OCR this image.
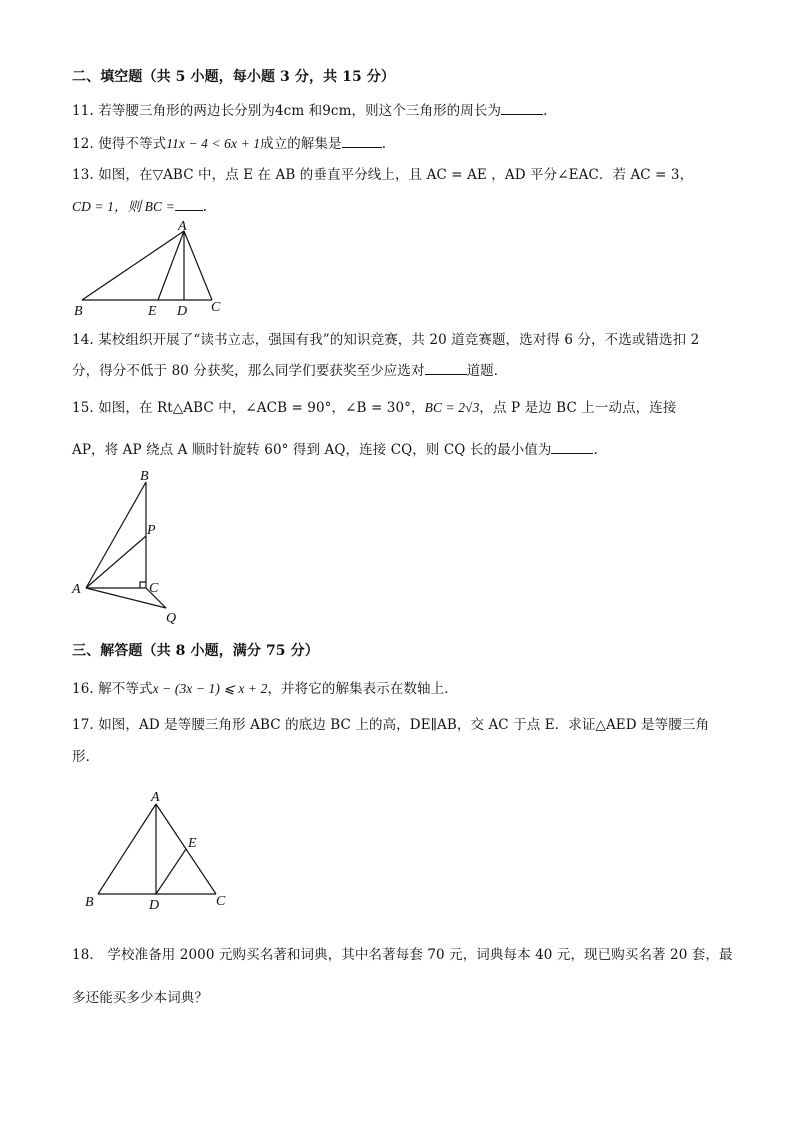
二、填空题（共 5 小题，每小题 3 分，共 15 分）
11. 若等腰三角形的两边长分别为4cm 和9cm，则这个三角形的周长为	.
12. 使得不等式11x − 4 < 6x + 1成立的解集是	.
13. 如图，在▽ABC 中，点 E 在 AB 的垂直平分线上，且 AC = AE ，AD 平分∠EAC．若 AC = 3，
CD = 1，则 BC = .
A
B	E D C
14. 某校组织开展了“读书立志，强国有我”的知识竞赛，共 20 道竞赛题，选对得 6 分，不选或错选扣 2
分，得分不低于 80 分获奖，那么同学们要获奖至少应选对	道题．
15. 如图，在 Rt△ABC 中，∠ACB = 90°，∠B = 30°，BC = 2√3，点 P 是边 BC 上一动点，连接
AP，将 AP 绕点 A 顺时针旋转 60° 得到 AQ，连接 CQ，则 CQ 长的最小值为	.
B
P
A	C
Q
三、解答题（共 8 小题，满分 75 分）
16. 解不等式x − (3x − 1) ⩽ x + 2，并将它的解集表示在数轴上．
17. 如图，AD 是等腰三角形 ABC 的底边 BC 上的高，DE∥AB，交 AC 于点 E．求证△AED 是等腰三角
形．
A
B	D	C
E
18． 学校准备用 2000 元购买名著和词典，其中名著每套 70 元，词典每本 40 元，现已购买名著 20 套，最
多还能买多少本词典？
